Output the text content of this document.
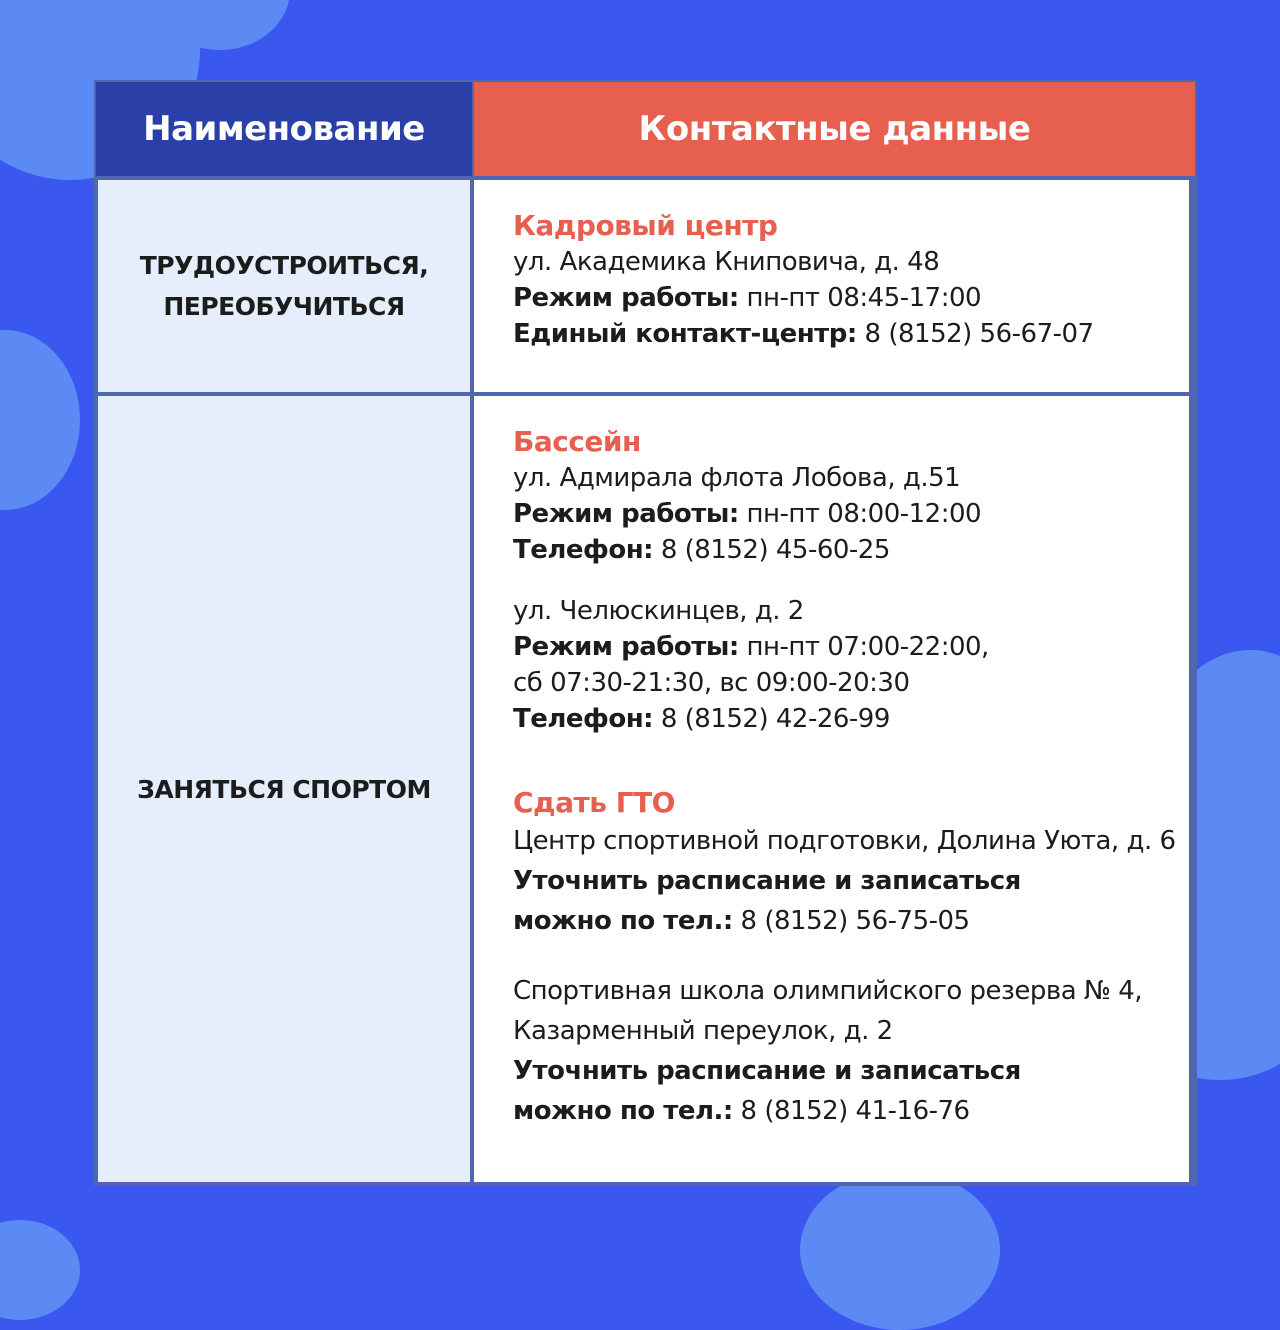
Наименование	Контактные данные
ТРУДОУСТРОИТЬСЯ,
ПЕРЕОБУЧИТЬСЯ
Кадровый центр
ул. Академика Книповича, д. 48
Режим работы: пн-пт 08:45-17:00
Единый контакт-центр: 8 (8152) 56-67-07
ЗАНЯТЬСЯ СПОРТОМ
Бассейн
ул. Адмирала флота Лобова, д.51
Режим работы: пн-пт 08:00-12:00
Телефон: 8 (8152) 45-60-25
ул. Челюскинцев, д. 2
Режим работы: пн-пт 07:00-22:00,
сб 07:30-21:30, вс 09:00-20:30
Телефон: 8 (8152) 42-26-99
Сдать ГТО
Центр спортивной подготовки, Долина Уюта, д. 6
Уточнить расписание и записаться
можно по тел.: 8 (8152) 56-75-05
Спортивная школа олимпийского резерва № 4,
Казарменный переулок, д. 2
Уточнить расписание и записаться
можно по тел.: 8 (8152) 41-16-76
